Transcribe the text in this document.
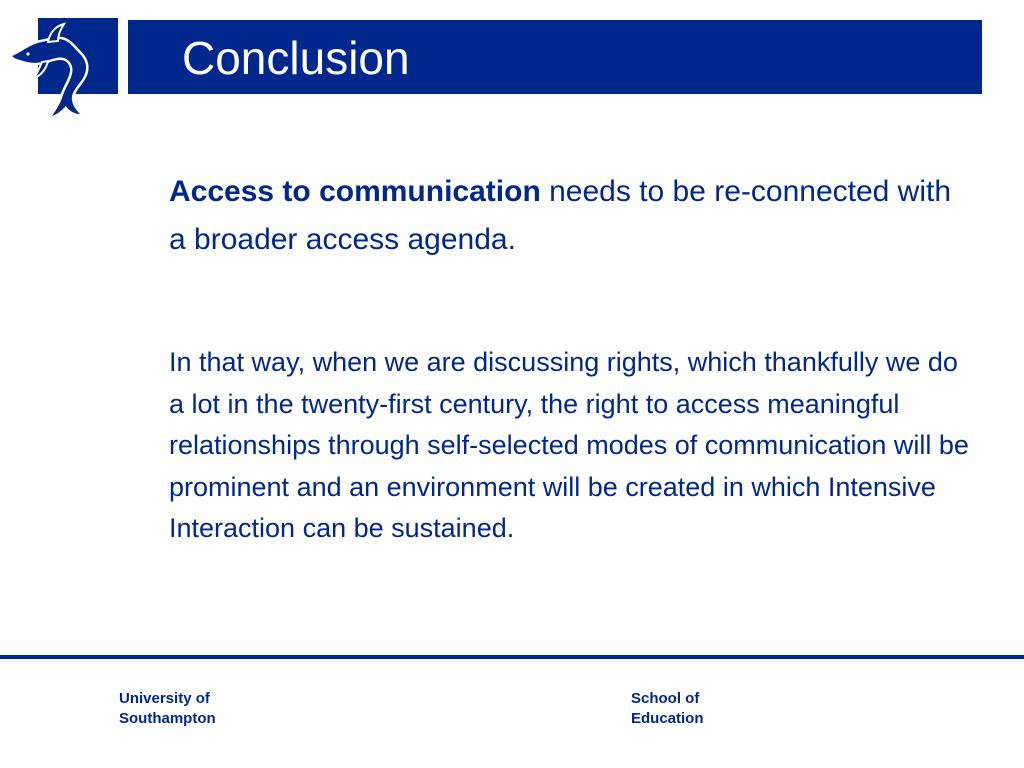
Conclusion

Access to communication needs to be re-connected with a broader access agenda.

In that way, when we are discussing rights, which thankfully we do a lot in the twenty-first century, the right to access meaningful relationships through self-selected modes of communication will be prominent and an environment will be created in which Intensive Interaction can be sustained.

University of
Southampton
School of
Education
